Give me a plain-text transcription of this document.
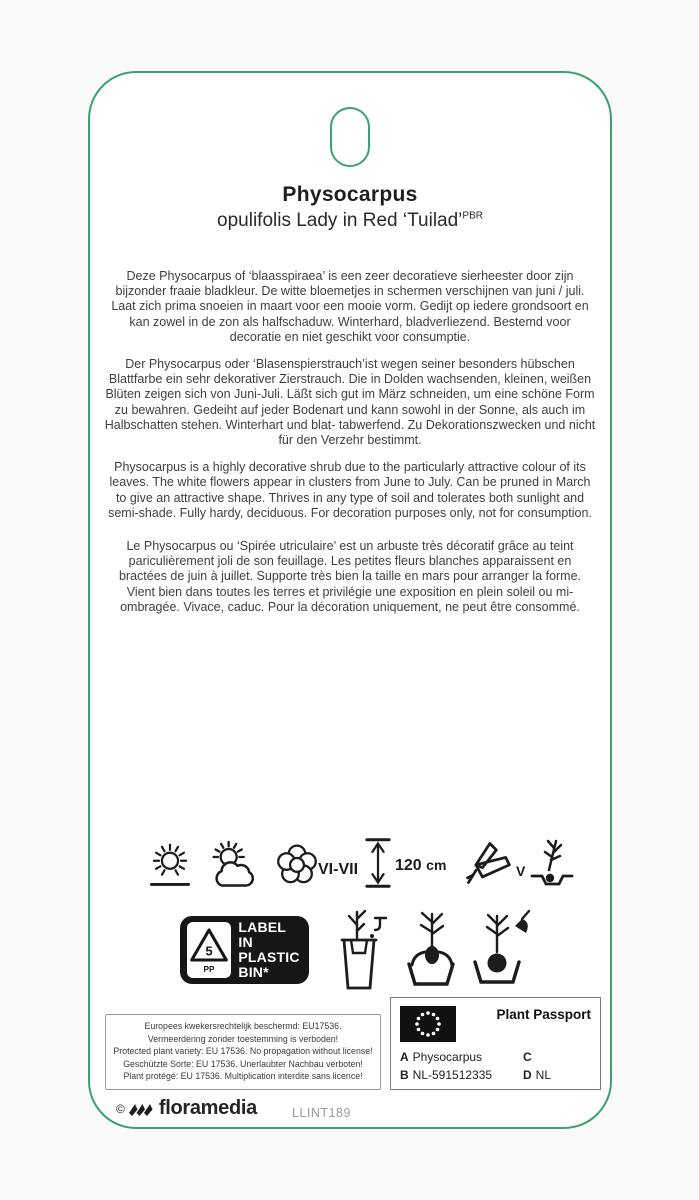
Physocarpus
opulifolis Lady in Red ‘Tuilad’$^{PBR}$

Deze Physocarpus of ‘blaasspiraea’ is een zeer decoratieve sierheester door zijn bijzonder fraaie bladkleur. De witte bloemetjes in schermen verschijnen van juni / juli. Laat zich prima snoeien in maart voor een mooie vorm. Gedijt op iedere grondsoort en kan zowel in de zon als halfschaduw. Winterhard, bladverliezend. Bestemd voor decoratie en niet geschikt voor consumptie.

Der Physocarpus oder ‘Blasenspierstrauch’ist wegen seiner besonders hübschen Blattfarbe ein sehr dekorativer Zierstrauch. Die in Dolden wachsenden, kleinen, weißen Blüten zeigen sich von Juni-Juli. Läßt sich gut im März schneiden, um eine schöne Form zu bewahren. Gedeiht auf jeder Bodenart und kann sowohl in der Sonne, als auch im Halbschatten stehen. Winterhart und blat- tabwerfend. Zu Dekorationszwecken und nicht für den Verzehr bestimmt.

Physocarpus is a highly decorative shrub due to the particularly attractive colour of its leaves. The white flowers appear in clusters from June to July. Can be pruned in March to give an attractive shape. Thrives in any type of soil and tolerates both sunlight and semi-shade. Fully hardy, deciduous. For decoration purposes only, not for consumption.

Le Physocarpus ou ‘Spirée utriculaire’ est un arbuste très décoratif grâce au teint pariculièrement joli de son feuillage. Les petites fleurs blanches apparaissent en bractées de juin à juillet. Supporte très bien la taille en mars pour arranger la forme. Vient bien dans toutes les terres et privilégie une exposition en plein soleil ou mi-ombragée. Vivace, caduc. Pour la décoration uniquement, ne peut être consommé.

VI-VII 120 cm	V
5
PP
LABEL IN
PLASTIC
BIN*
Europees kwekersrechtelijk beschermd: EU17536.
Vermeerdering zonder toestemming is verboden!
Protected plant variety: EU 17536. No propagation without license!
Geschützte Sorte: EU 17536. Unerlaubter Nachbau verboten!
Plant protégé: EU 17536. Multiplication interdite sans licence!
Plant Passport
A Physocarpus
B NL-591512335
C
D NL
© floramedia	LLINT189
